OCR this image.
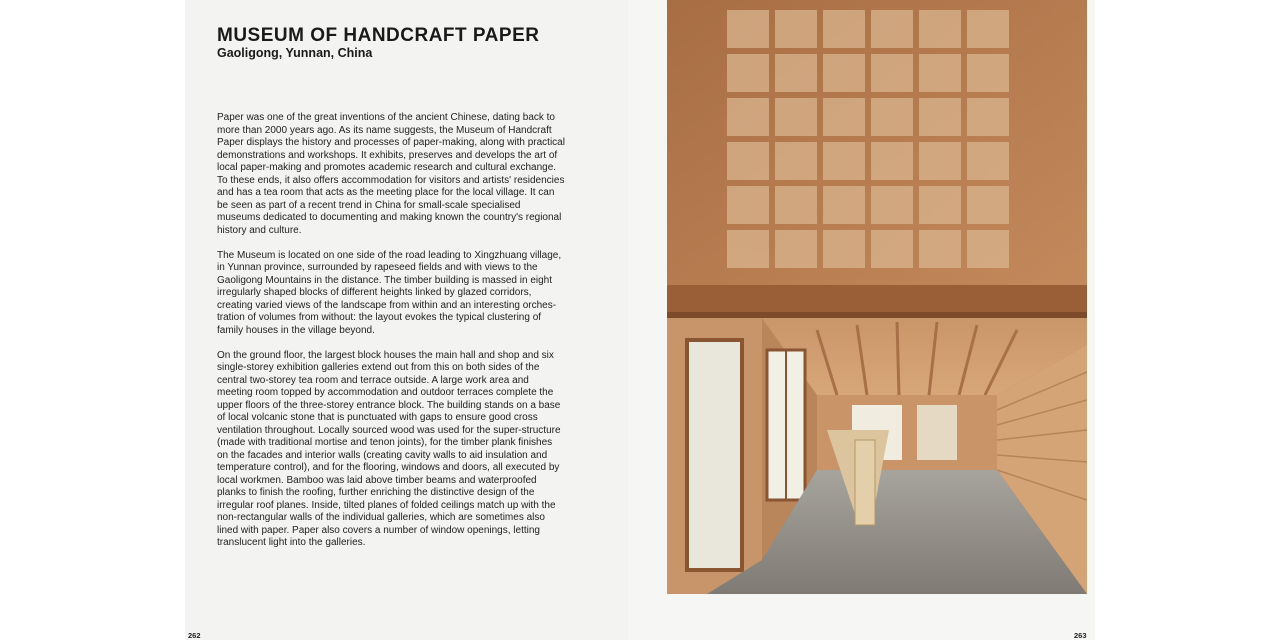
MUSEUM OF HANDCRAFT PAPER
Gaoligong, Yunnan, China

Paper was one of the great inventions of the ancient Chinese, dating back to more than 2000 years ago. As its name suggests, the Museum of Handcraft Paper displays the history and processes of paper-making, along with practical demonstrations and workshops. It exhibits, preserves and develops the art of local paper-making and promotes academic research and cultural exchange. To these ends, it also offers accommodation for visitors and artists' residencies and has a tea room that acts as the meeting place for the local village. It can be seen as part of a recent trend in China for small-scale specialised museums dedicated to documenting and making known the country's regional history and culture.

The Museum is located on one side of the road leading to Xingzhuang village, in Yunnan province, surrounded by rapeseed fields and with views to the Gaoligong Mountains in the distance. The timber building is massed in eight irregularly shaped blocks of different heights linked by glazed corridors, creating varied views of the landscape from within and an interesting orches-tration of volumes from without: the layout evokes the typical clustering of family houses in the village beyond.

On the ground floor, the largest block houses the main hall and shop and six single-storey exhibition galleries extend out from this on both sides of the central two-storey tea room and terrace outside. A large work area and meeting room topped by accommodation and outdoor terraces complete the upper floors of the three-storey entrance block. The building stands on a base of local volcanic stone that is punctuated with gaps to ensure good cross ventilation throughout. Locally sourced wood was used for the super-structure (made with traditional mortise and tenon joints), for the timber plank finishes on the facades and interior walls (creating cavity walls to aid insulation and temperature control), and for the flooring, windows and doors, all executed by local workmen. Bamboo was laid above timber beams and waterproofed planks to finish the roofing, further enriching the distinctive design of the irregular roof planes. Inside, tilted planes of folded ceilings match up with the non-rectangular walls of the individual galleries, which are sometimes also lined with paper. Paper also covers a number of window openings, letting translucent light into the galleries.

262	263
